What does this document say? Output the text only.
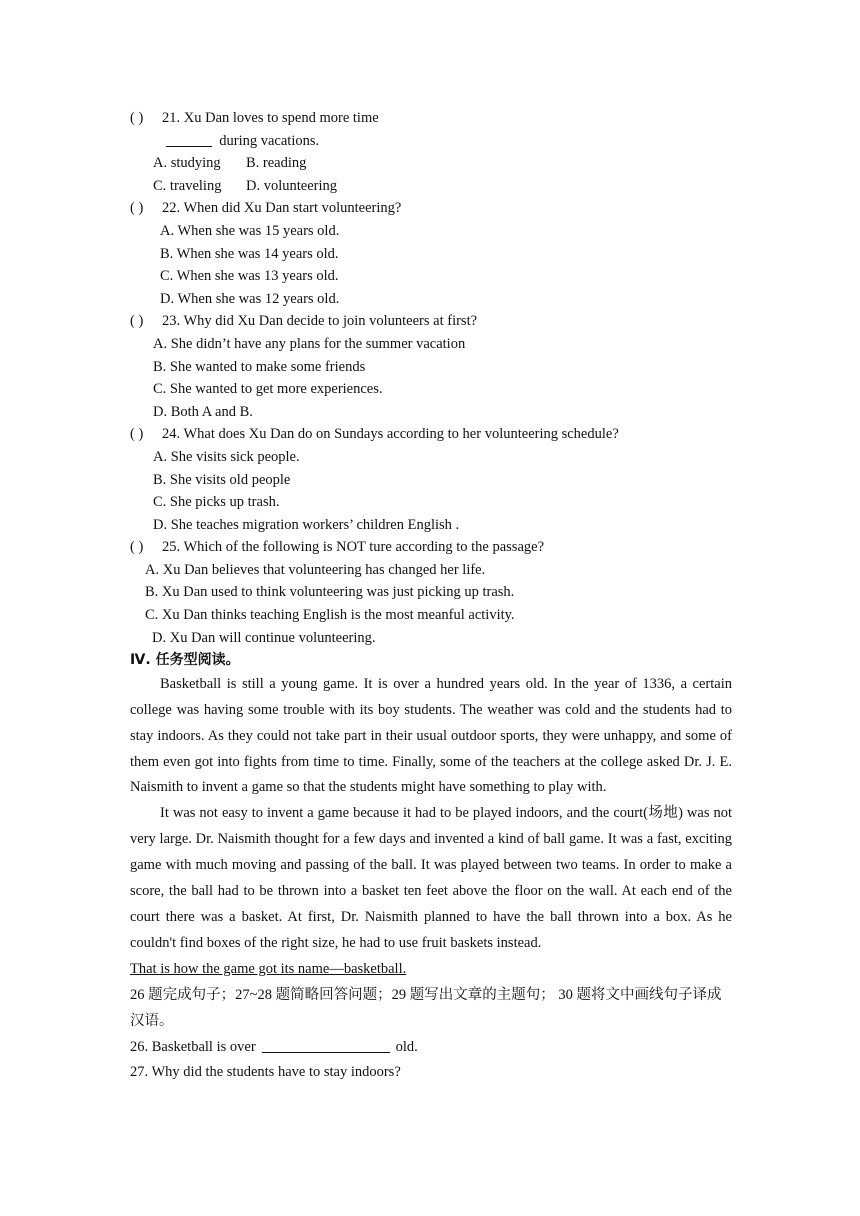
( ) 21. Xu Dan loves to spend more time
during vacations.
A. studying B. reading
C. traveling D. volunteering
( ) 22. When did Xu Dan start volunteering?
A. When she was 15 years old.
B. When she was 14 years old.
C. When she was 13 years old.
D. When she was 12 years old.
( ) 23. Why did Xu Dan decide to join volunteers at first?
A. She didn’t have any plans for the summer vacation
B. She wanted to make some friends
C. She wanted to get more experiences.
D. Both A and B.
( ) 24. What does Xu Dan do on Sundays according to her volunteering schedule?
A. She visits sick people.
B. She visits old people
C. She picks up trash.
D. She teaches migration workers’ children English .
( ) 25. Which of the following is NOT ture according to the passage?
A. Xu Dan believes that volunteering has changed her life.
B. Xu Dan used to think volunteering was just picking up trash.
C. Xu Dan thinks teaching English is the most meanful activity.
D. Xu Dan will continue volunteering.
Ⅳ. 任务型阅读。

Basketball is still a young game. It is over a hundred years old. In the year of 1336, a certain college was having some trouble with its boy students. The weather was cold and the students had to stay indoors. As they could not take part in their usual outdoor sports, they were unhappy, and some of them even got into fights from time to time. Finally, some of the teachers at the college asked Dr. J. E. Naismith to invent a game so that the students might have something to play with.

It was not easy to invent a game because it had to be played indoors, and the court(场地) was not very large. Dr. Naismith thought for a few days and invented a kind of ball game. It was a fast, exciting game with much moving and passing of the ball. It was played between two teams. In order to make a score, the ball had to be thrown into a basket ten feet above the floor on the wall. At each end of the court there was a basket. At first, Dr. Naismith planned to have the ball thrown into a box. As he couldn't find boxes of the right size, he had to use fruit baskets instead.
That is how the game got its name—basketball.

26 题完成句子；27~28 题简略回答问题；29 题写出文章的主题句； 30 题将文中画线句子译成汉语。

26. Basketball is over	old.
27. Why did the students have to stay indoors?
